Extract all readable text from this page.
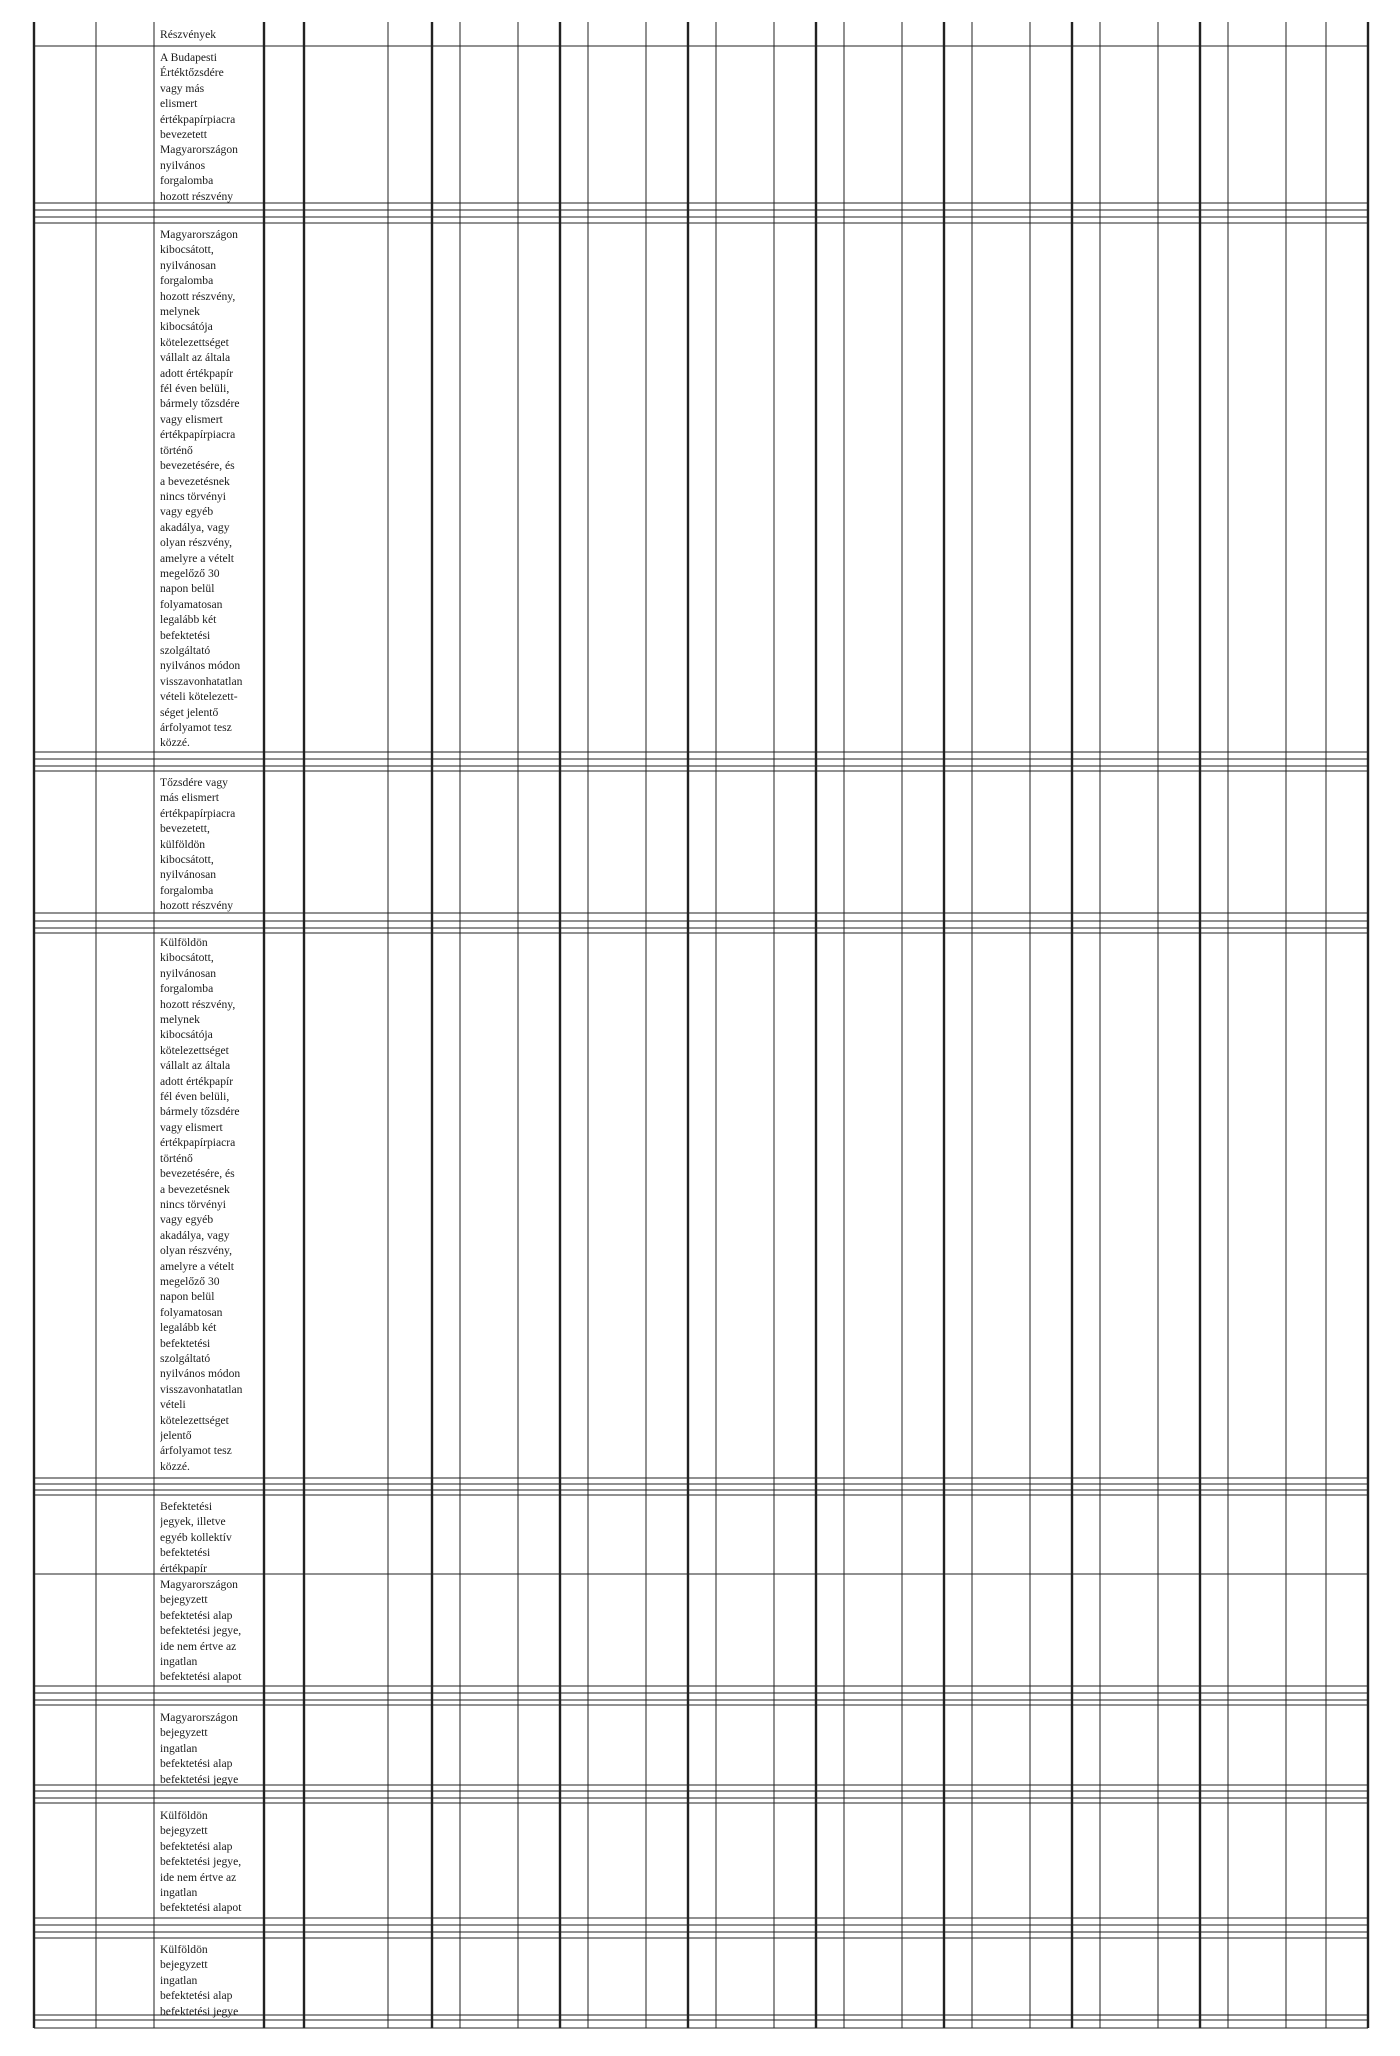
Részvények
A Budapesti
Értéktőzsdére
vagy más
elismert
értékpapírpiacra
bevezetett
Magyarországon
nyilvános
forgalomba
hozott részvény
Magyarországon
kibocsátott,
nyilvánosan
forgalomba
hozott részvény,
melynek
kibocsátója
kötelezettséget
vállalt az általa
adott értékpapír
fél éven belüli,
bármely tőzsdére
vagy elismert
értékpapírpiacra
történő
bevezetésére, és
a bevezetésnek
nincs törvényi
vagy egyéb
akadálya, vagy
olyan részvény,
amelyre a vételt
megelőző 30
napon belül
folyamatosan
legalább két
befektetési
szolgáltató
nyilvános módon
visszavonhatatlan
vételi kötelezett-
séget jelentő
árfolyamot tesz
közzé.
Tőzsdére vagy
más elismert
értékpapírpiacra
bevezetett,
külföldön
kibocsátott,
nyilvánosan
forgalomba
hozott részvény
Külföldön
kibocsátott,
nyilvánosan
forgalomba
hozott részvény,
melynek
kibocsátója
kötelezettséget
vállalt az általa
adott értékpapír
fél éven belüli,
bármely tőzsdére
vagy elismert
értékpapírpiacra
történő
bevezetésére, és
a bevezetésnek
nincs törvényi
vagy egyéb
akadálya, vagy
olyan részvény,
amelyre a vételt
megelőző 30
napon belül
folyamatosan
legalább két
befektetési
szolgáltató
nyilvános módon
visszavonhatatlan
vételi
kötelezettséget
jelentő
árfolyamot tesz
közzé.
Befektetési
jegyek, illetve
egyéb kollektív
befektetési
értékpapír
Magyarországon
bejegyzett
befektetési alap
befektetési jegye,
ide nem értve az
ingatlan
befektetési alapot
Magyarországon
bejegyzett
ingatlan
befektetési alap
befektetési jegye
Külföldön
bejegyzett
befektetési alap
befektetési jegye,
ide nem értve az
ingatlan
befektetési alapot
Külföldön
bejegyzett
ingatlan
befektetési alap
befektetési jegye
